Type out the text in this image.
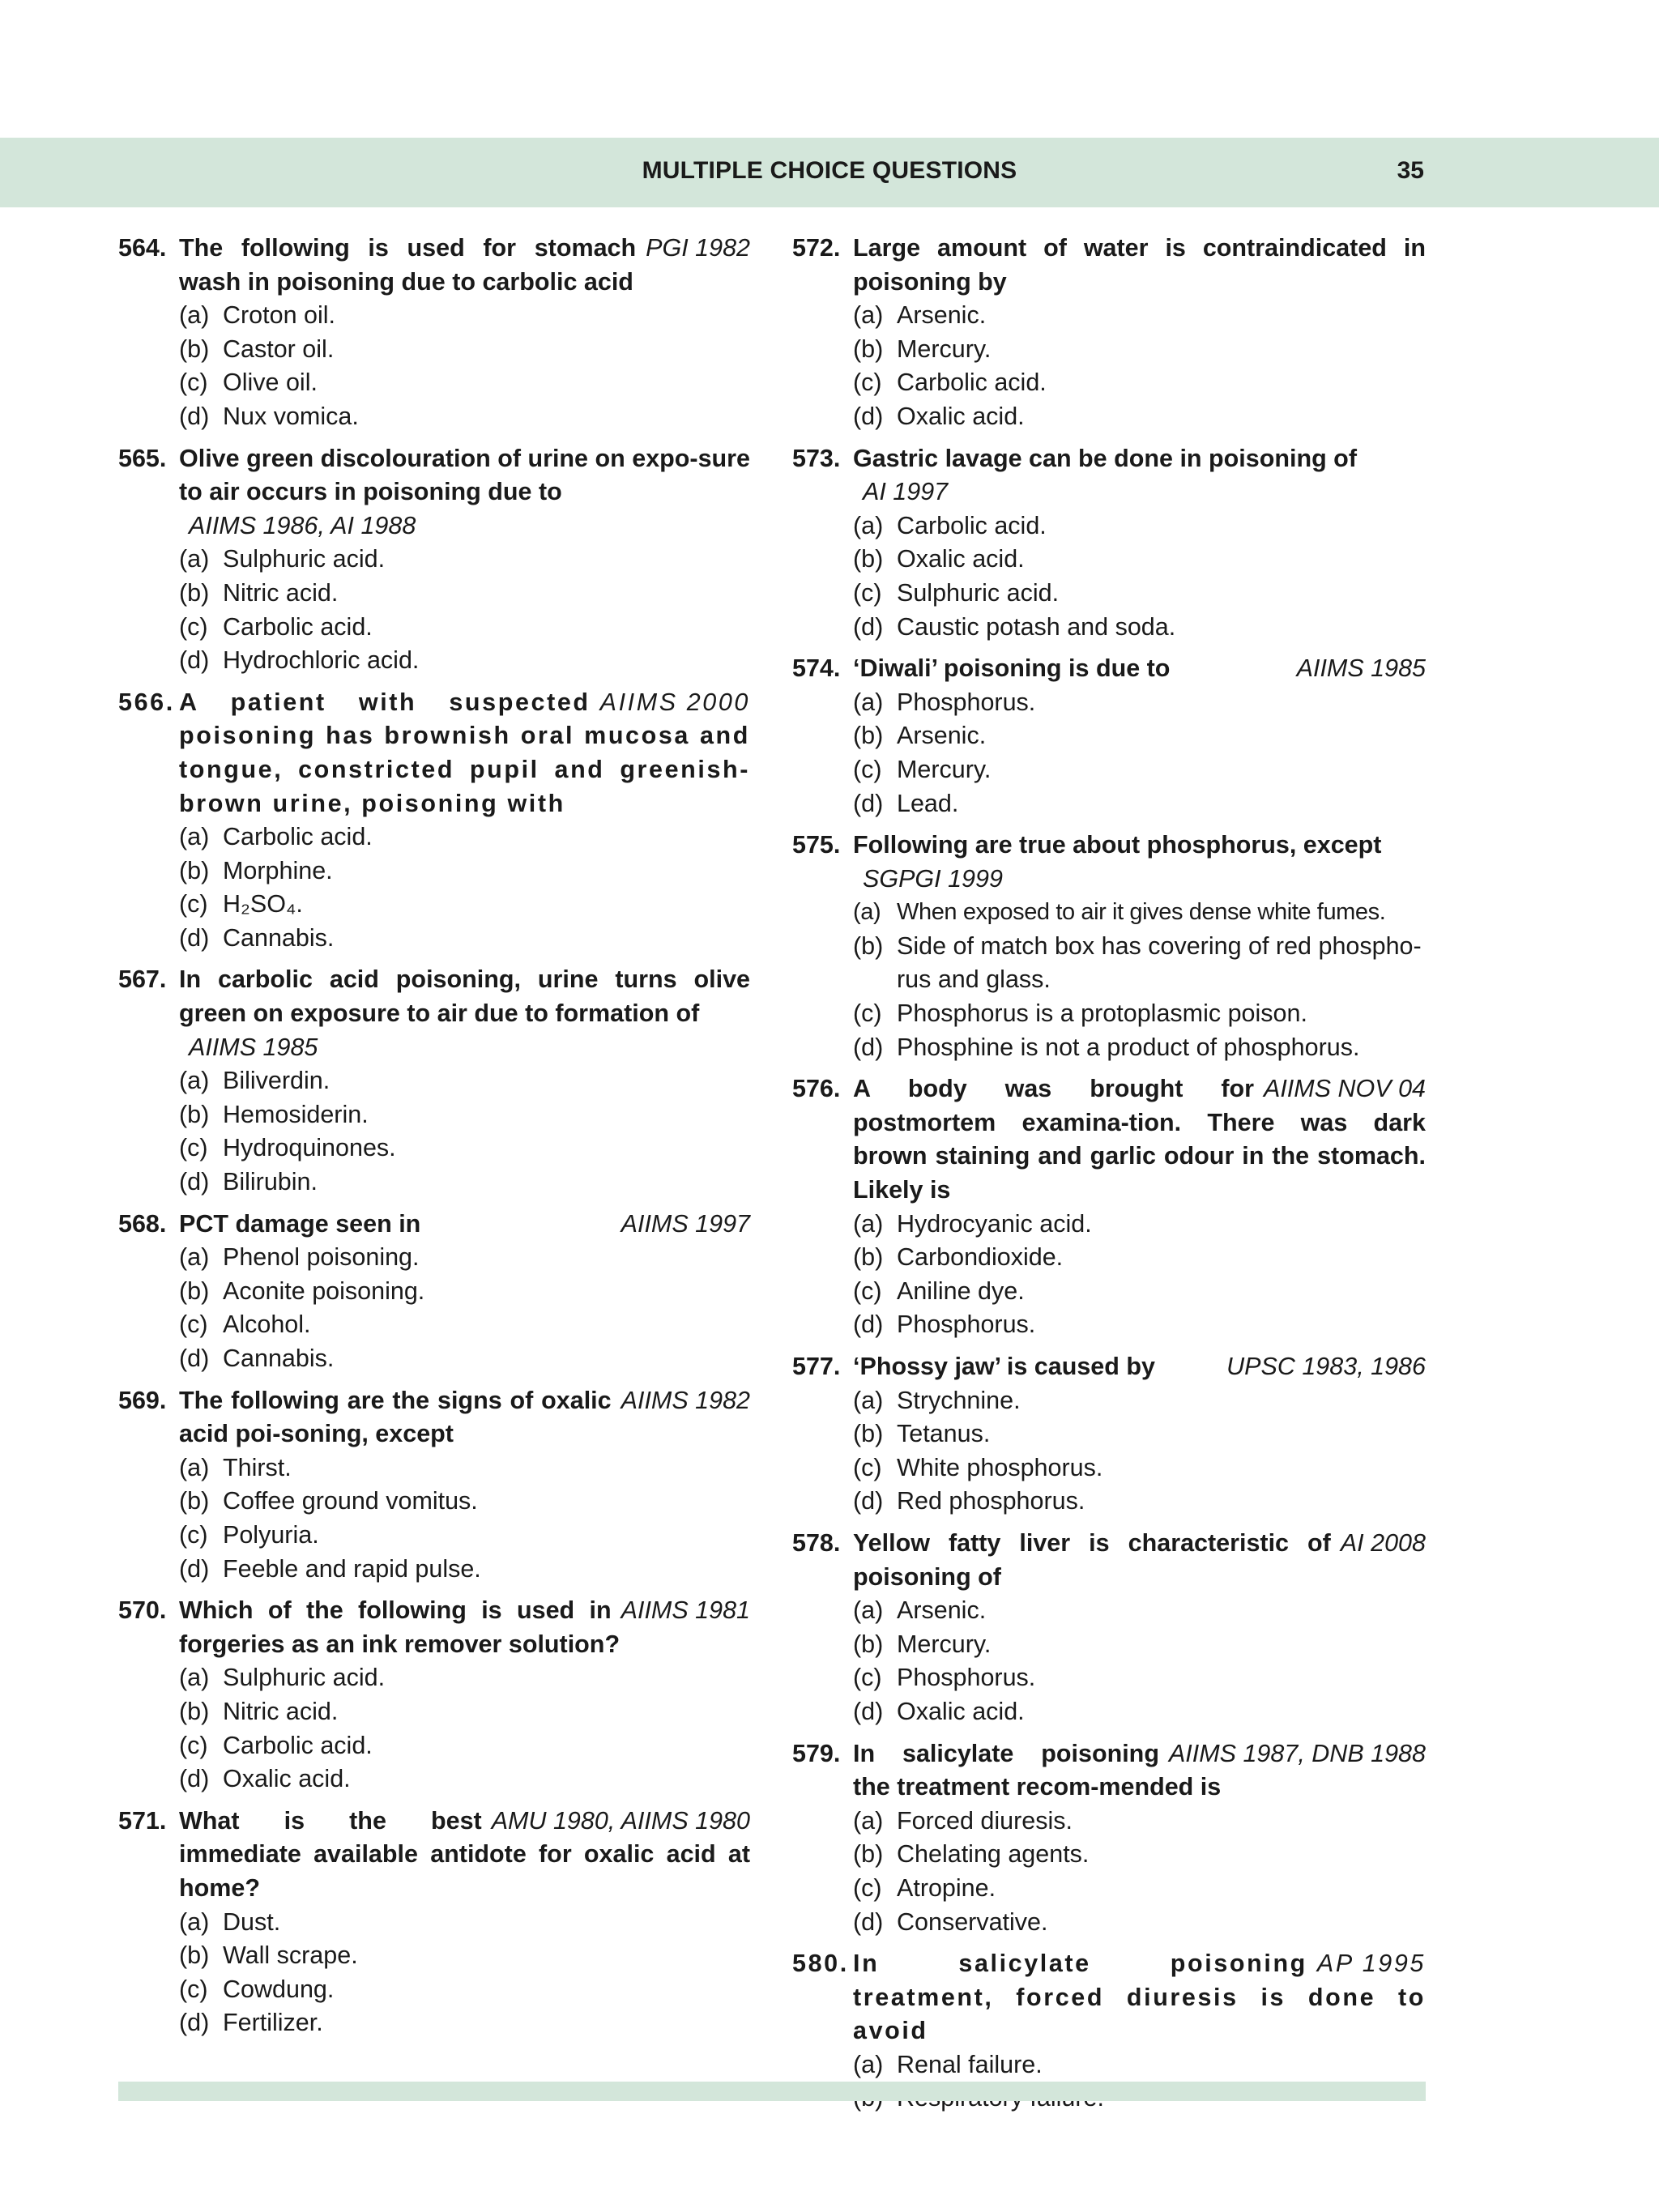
MULTIPLE CHOICE QUESTIONS	35
564.	PGI 1982
The following is used for stomach wash in poisoning due to carbolic acid
(a) Croton oil.
(b) Castor oil.
(c) Olive oil.
(d) Nux vomica.
565. Olive green discolouration of urine on expo-sure to air occurs in poisoning due to
AIIMS 1986, AI 1988
(a) Sulphuric acid.
(b) Nitric acid.
(c) Carbolic acid.
(d) Hydrochloric acid.
566.	AIIMS 2000
A patient with suspected poisoning has brownish oral mucosa and tongue, constricted pupil and greenish-brown urine, poisoning with
(a) Carbolic acid.
(b) Morphine.
(c) H₂SO₄.
(d) Cannabis.
567. In carbolic acid poisoning, urine turns olive green on exposure to air due to formation of
AIIMS 1985
(a) Biliverdin.
(b) Hemosiderin.
(c) Hydroquinones.
(d) Bilirubin.
568.	AIIMS 1997
PCT damage seen in
(a) Phenol poisoning.
(b) Aconite poisoning.
(c) Alcohol.
(d) Cannabis.
569.	AIIMS 1982
The following are the signs of oxalic acid poi-soning, except
(a) Thirst.
(b) Coffee ground vomitus.
(c) Polyuria.
(d) Feeble and rapid pulse.
570.	AIIMS 1981
Which of the following is used in forgeries as an ink remover solution?
(a) Sulphuric acid.
(b) Nitric acid.
(c) Carbolic acid.
(d) Oxalic acid.
571.	AMU 1980, AIIMS 1980
What is the best immediate available antidote for oxalic acid at home?
(a) Dust.
(b) Wall scrape.
(c) Cowdung.
(d) Fertilizer.
572. Large amount of water is contraindicated in poisoning by
(a) Arsenic.
(b) Mercury.
(c) Carbolic acid.
(d) Oxalic acid.
573. Gastric lavage can be done in poisoning of
AI 1997
(a) Carbolic acid.
(b) Oxalic acid.
(c) Sulphuric acid.
(d) Caustic potash and soda.
574.	AIIMS 1985
‘Diwali’ poisoning is due to
(a) Phosphorus.
(b) Arsenic.
(c) Mercury.
(d) Lead.
575. Following are true about phosphorus, except
SGPGI 1999
(a) When exposed to air it gives dense white fumes.
(b) Side of match box has covering of red phospho-rus and glass.
(c) Phosphorus is a protoplasmic poison.
(d) Phosphine is not a product of phosphorus.
576.	AIIMS NOV 04
A body was brought for postmortem examina-tion. There was dark brown staining and garlic odour in the stomach. Likely is
(a) Hydrocyanic acid.
(b) Carbondioxide.
(c) Aniline dye.
(d) Phosphorus.
577.	UPSC 1983, 1986
‘Phossy jaw’ is caused by
(a) Strychnine.
(b) Tetanus.
(c) White phosphorus.
(d) Red phosphorus.
578.	AI 2008
Yellow fatty liver is characteristic of poisoning of
(a) Arsenic.
(b) Mercury.
(c) Phosphorus.
(d) Oxalic acid.
579.	AIIMS 1987, DNB 1988
In salicylate poisoning the treatment recom-mended is
(a) Forced diuresis.
(b) Chelating agents.
(c) Atropine.
(d) Conservative.
580.	AP 1995
In salicylate poisoning treatment, forced diuresis is done to avoid
(a) Renal failure.
